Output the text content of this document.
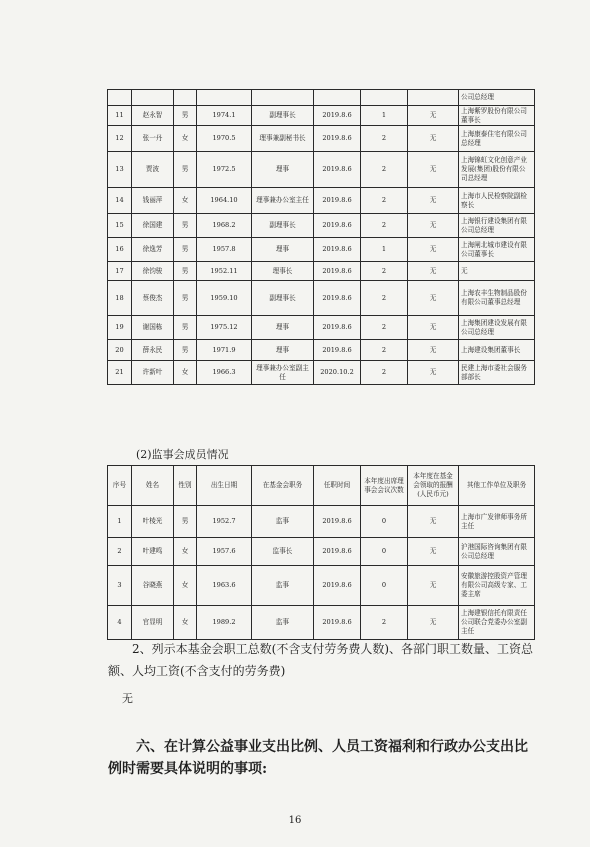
								公司总经理
11	赵永智	男	1974.1	副理事长	2019.8.6	1	无	上海紫罗股份有限公司董事长
12	张一丹	女	1970.5	理事兼副秘书长	2019.8.6	2	无	上海康泰住宅有限公司总经理
13	贾波	男	1972.5	理事	2019.8.6	2	无	上海锦虹文化创意产业发展(集团)股份有限公司总经理
14	钱丽萍	女	1964.10	理事兼办公室主任	2019.8.6	2	无	上海市人民检察院副检察长
15	徐国建	男	1968.2	副理事长	2019.8.6	2	无	上海银行建设集团有限公司总经理
16	徐逸芳	男	1957.8	理事	2019.8.6	1	无	上海闸北城市建设有限公司董事长
17	徐钧骏	男	1952.11	理事长	2019.8.6	2	无	无
18	蔡俊杰	男	1959.10	副理事长	2019.8.6	2	无	上海农丰生物制品股份有限公司董事总经理
19	谢国栋	男	1975.12	理事	2019.8.6	2	无	上海集团建设发展有限公司总经理
20	薛永民	男	1971.9	理事	2019.8.6	2	无	上海建设集团董事长
21	许新叶	女	1966.3	理事兼办公室副主任	2020.10.2	2	无	民建上海市委社会服务部部长
(2)监事会成员情况
序号	姓名	性别	出生日期	在基金会职务	任职时间	本年度出席理事会会议次数	本年度在基金会领取的报酬(人民币元)	其他工作单位及职务
1	叶棱光	男	1952.7	监事	2019.8.6	0	无	上海市广发律师事务所主任
2	叶建鸣	女	1957.6	监事长	2019.8.6	0	无	沪港国际咨询集团有限公司总经理
3	谷晓燕	女	1963.6	监事	2019.8.6	0	无	安徽旅游控股资产管理有限公司高级专家、工委主席
4	官显明	女	1989.2	监事	2019.8.6	2	无	上海建银信托有限责任公司联合党委办公室副主任
2、列示本基金会职工总数(不含支付劳务费人数)、各部门职工数量、工资总额、人均工资(不含支付的劳务费)
无
六、在计算公益事业支出比例、人员工资福利和行政办公支出比例时需要具体说明的事项:
16
